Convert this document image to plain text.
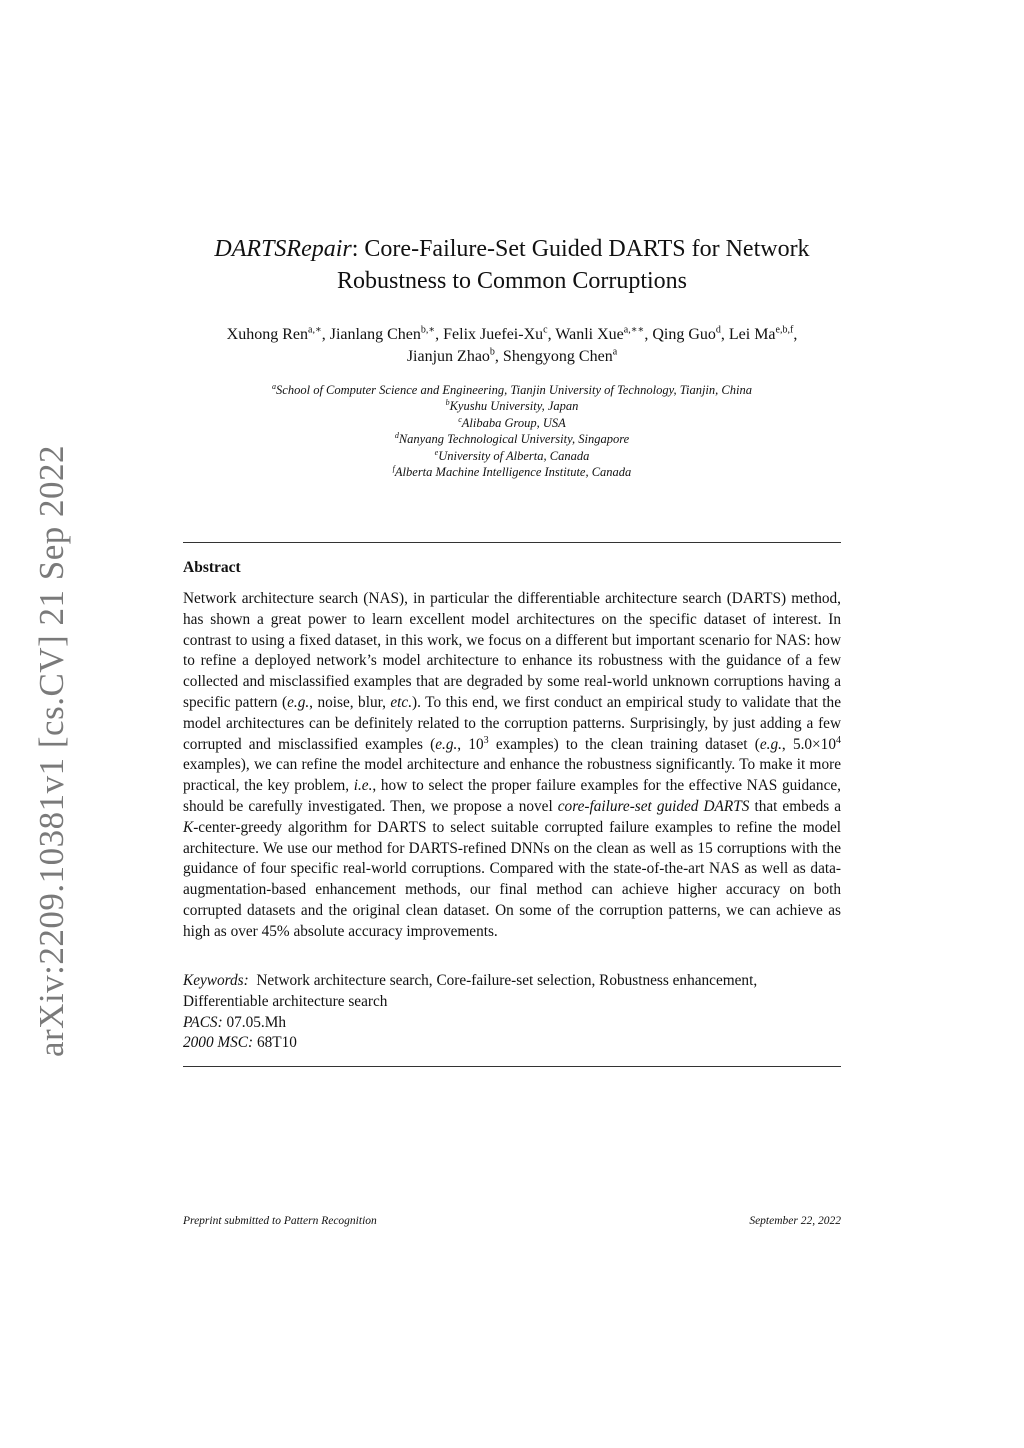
arXiv:2209.10381v1 [cs.CV] 21 Sep 2022
DARTSRepair: Core-Failure-Set Guided DARTS for Network
Robustness to Common Corruptions
Xuhong Ren$^{a,∗}$, Jianlang Chen$^{b,∗}$, Felix Juefei-Xu$^c$, Wanli Xue$^{a,∗∗}$, Qing Guo$^d$, Lei Ma$^{e,b,f}$,
Jianjun Zhao$^b$, Shengyong Chen$^a$
$^a$School of Computer Science and Engineering, Tianjin University of Technology, Tianjin, China
$^b$Kyushu University, Japan
$^c$Alibaba Group, USA
$^d$Nanyang Technological University, Singapore
$^e$University of Alberta, Canada
$^f$Alberta Machine Intelligence Institute, Canada
Abstract
Network architecture search (NAS), in particular the differentiable architecture search (DARTS) method, has shown a great power to learn excellent model architectures on the specific dataset of interest. In contrast to using a fixed dataset, in this work, we focus on a different but important scenario for NAS: how to refine a deployed network’s model architecture to enhance its robustness with the guidance of a few collected and misclassified examples that are degraded by some real-world unknown corruptions having a specific pattern (e.g., noise, blur, etc.). To this end, we first conduct an empirical study to validate that the model architectures can be definitely related to the corruption patterns. Surprisingly, by just adding a few corrupted and misclassified examples (e.g., $10^3$ examples) to the clean training dataset (e.g., $5.0\times 10^4$ examples), we can refine the model architecture and enhance the robustness significantly. To make it more practical, the key problem, i.e., how to select the proper failure examples for the effective NAS guidance, should be carefully investigated. Then, we propose a novel core-failure-set guided DARTS that embeds a K-center-greedy algorithm for DARTS to select suitable corrupted failure examples to refine the model architecture. We use our method for DARTS-refined DNNs on the clean as well as 15 corruptions with the guidance of four specific real-world corruptions. Compared with the state-of-the-art NAS as well as data-augmentation-based enhancement methods, our final method can achieve higher accuracy on both corrupted datasets and the original clean dataset. On some of the corruption patterns, we can achieve as high as over 45% absolute accuracy improvements.
Keywords: Network architecture search, Core-failure-set selection, Robustness enhancement, Differentiable architecture search
PACS: 07.05.Mh
2000 MSC: 68T10
Preprint submitted to Pattern Recognition	September 22, 2022
